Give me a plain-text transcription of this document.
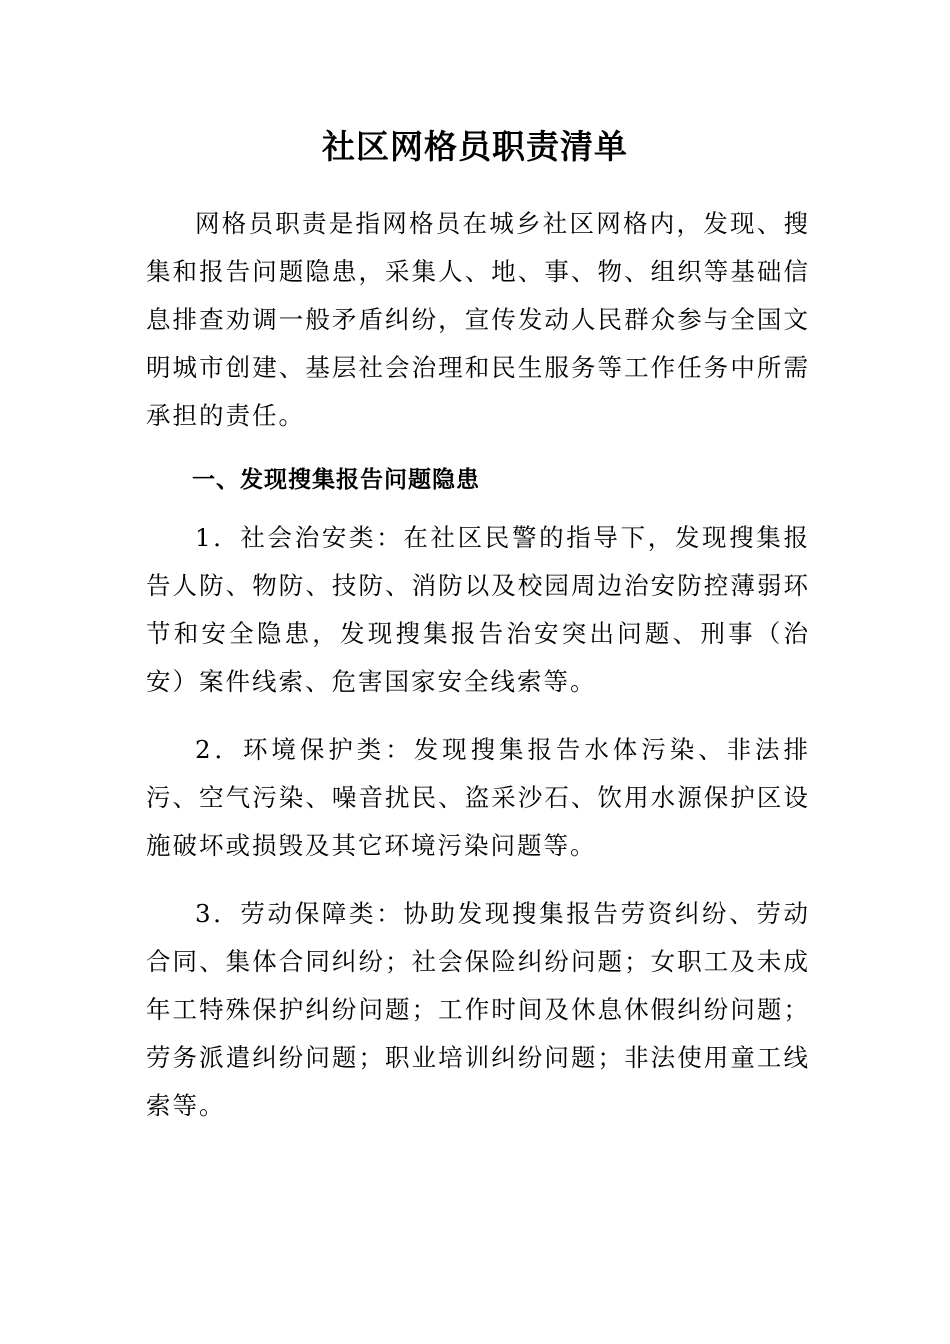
社区网格员职责清单

网格员职责是指网格员在城乡社区网格内，发现、搜集和报告问题隐患，采集人、地、事、物、组织等基础信息排查劝调一般矛盾纠纷，宣传发动人民群众参与全国文明城市创建、基层社会治理和民生服务等工作任务中所需承担的责任。

一、发现搜集报告问题隐患

1．社会治安类：在社区民警的指导下，发现搜集报告人防、物防、技防、消防以及校园周边治安防控薄弱环节和安全隐患，发现搜集报告治安突出问题、刑事（治安）案件线索、危害国家安全线索等。

2．环境保护类：发现搜集报告水体污染、非法排污、空气污染、噪音扰民、盗采沙石、饮用水源保护区设施破坏或损毁及其它环境污染问题等。

3．劳动保障类：协助发现搜集报告劳资纠纷、劳动合同、集体合同纠纷；社会保险纠纷问题；女职工及未成年工特殊保护纠纷问题；工作时间及休息休假纠纷问题；劳务派遣纠纷问题；职业培训纠纷问题；非法使用童工线索等。
